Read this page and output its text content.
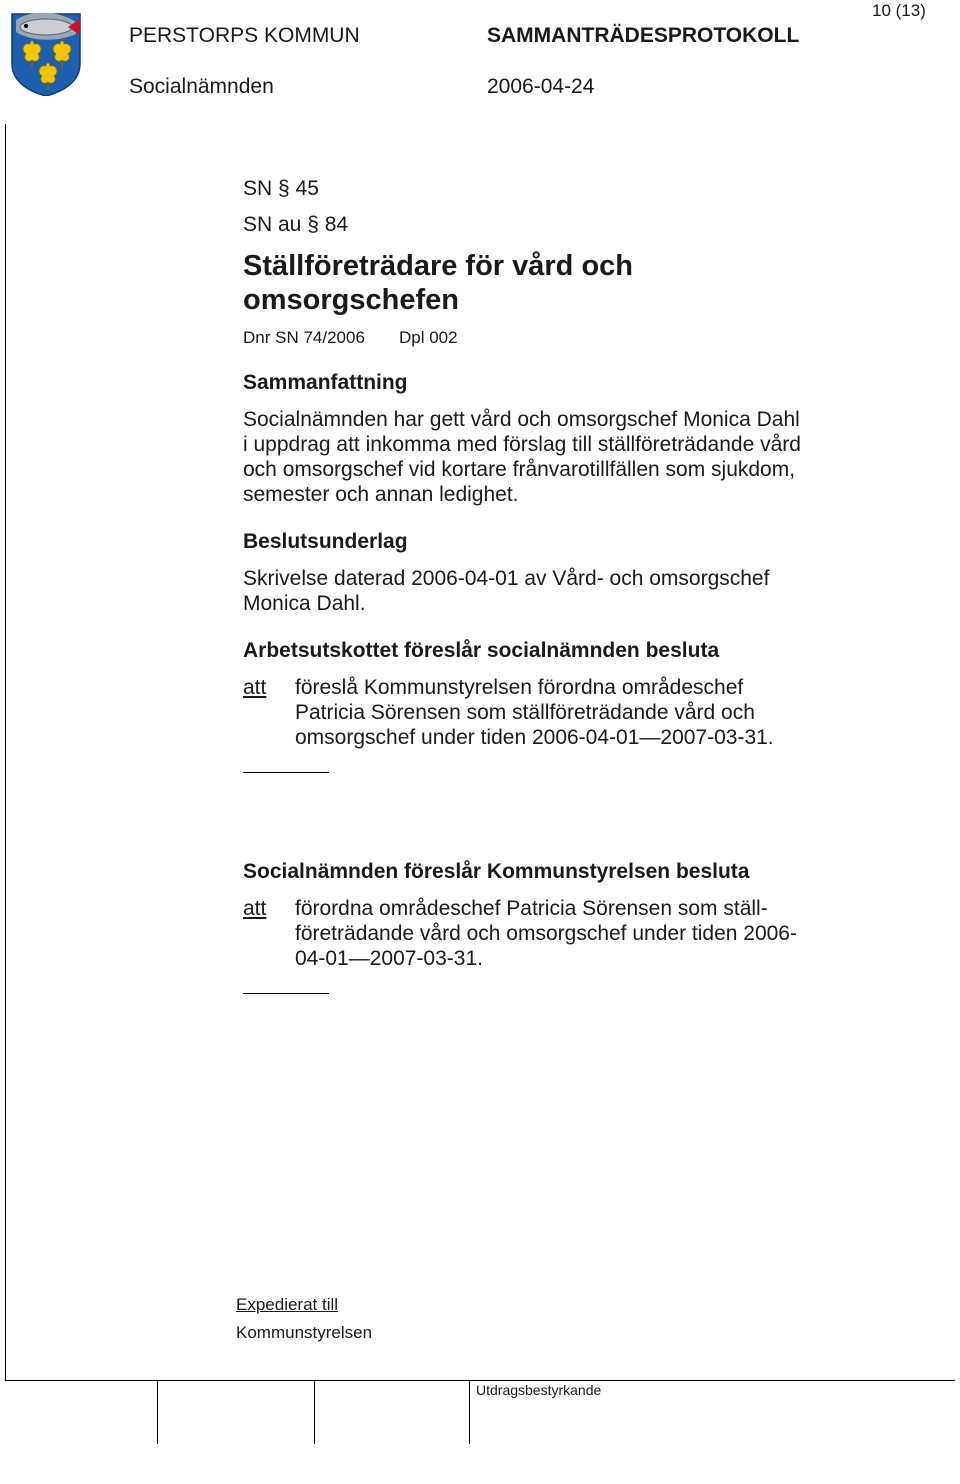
PERSTORPS KOMMUN	SAMMANTRÄDESPROTOKOLL
Socialnämnden	2006-04-24
10 (13)
SN § 45
SN au § 84
Ställföreträdare för vård och
omsorgschefen
Dnr SN 74/2006 Dpl 002
Sammanfattning
Socialnämnden har gett vård och omsorgschef Monica Dahl
i uppdrag att inkomma med förslag till ställföreträdande vård
och omsorgschef vid kortare frånvarotillfällen som sjukdom,
semester och annan ledighet.
Beslutsunderlag
Skrivelse daterad 2006-04-01 av Vård- och omsorgschef
Monica Dahl.
Arbetsutskottet föreslår socialnämnden besluta
att föreslå Kommunstyrelsen förordna områdeschef
Patricia Sörensen som ställföreträdande vård och
omsorgschef under tiden 2006-04-01—2007-03-31.
Socialnämnden föreslår Kommunstyrelsen besluta
att förordna områdeschef Patricia Sörensen som ställ-
företrädande vård och omsorgschef under tiden 2006-
04-01—2007-03-31.
Expedierat till
Kommunstyrelsen
Utdragsbestyrkande
